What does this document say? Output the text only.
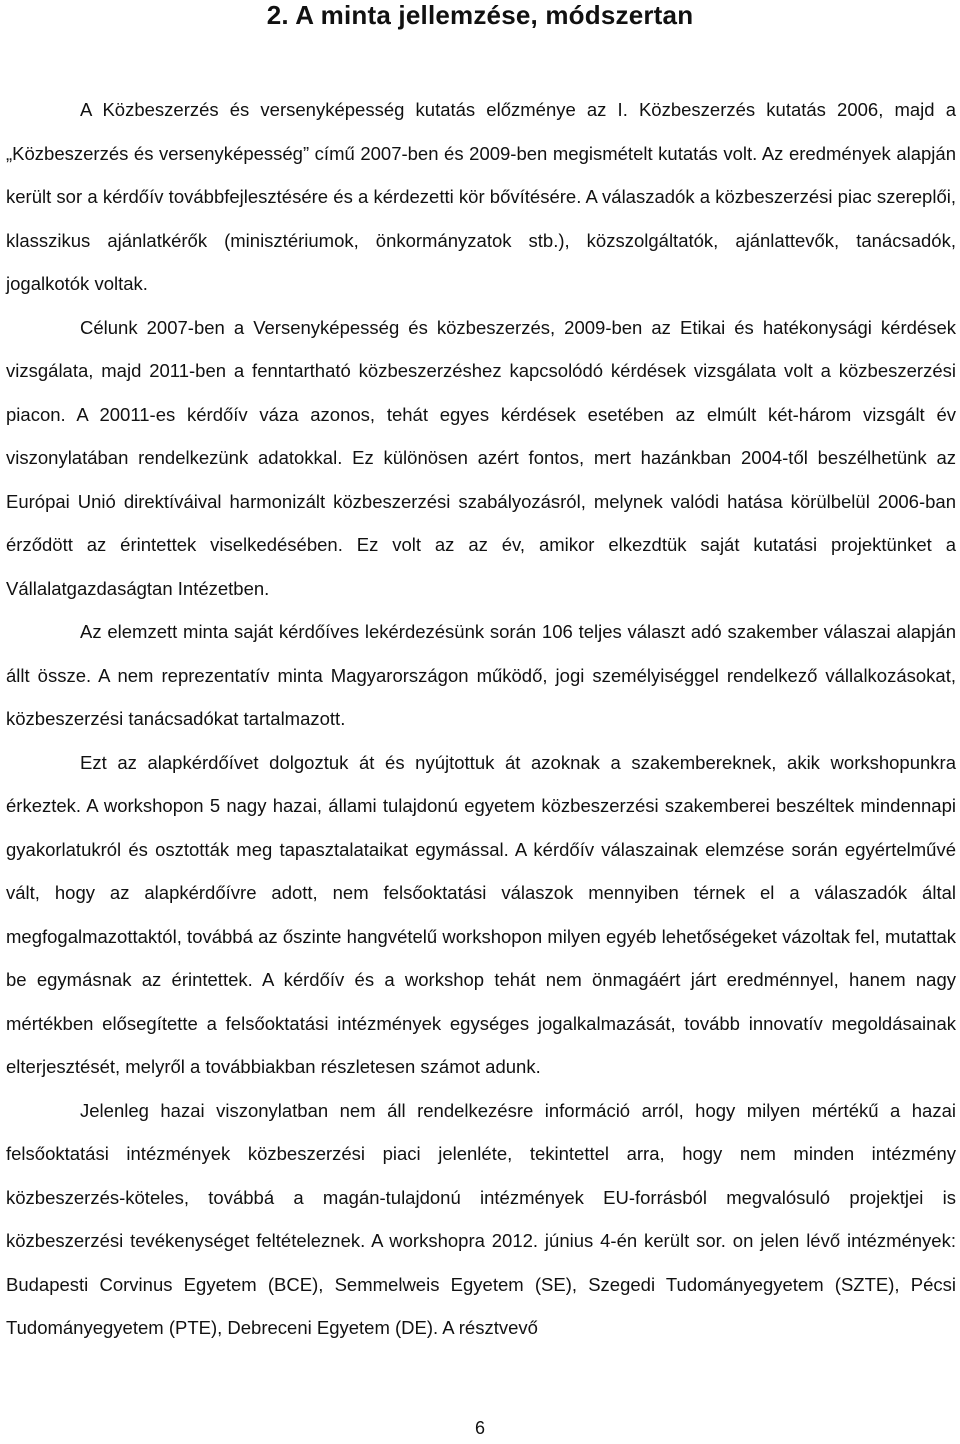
2. A minta jellemzése, módszertan

A Közbeszerzés és versenyképesség kutatás előzménye az I. Közbeszerzés kutatás 2006, majd a „Közbeszerzés és versenyképesség” című 2007-ben és 2009-ben megismételt kutatás volt. Az eredmények alapján került sor a kérdőív továbbfejlesztésére és a kérdezetti kör bővítésére. A válaszadók a közbeszerzési piac szereplői, klasszikus ajánlatkérők (minisztériumok, önkormányzatok stb.), közszolgáltatók, ajánlattevők, tanácsadók, jogalkotók voltak.

Célunk 2007-ben a Versenyképesség és közbeszerzés, 2009-ben az Etikai és hatékonysági kérdések vizsgálata, majd 2011-ben a fenntartható közbeszerzéshez kapcsolódó kérdések vizsgálata volt a közbeszerzési piacon. A 20011-es kérdőív váza azonos, tehát egyes kérdések esetében az elmúlt két-három vizsgált év viszonylatában rendelkezünk adatokkal. Ez különösen azért fontos, mert hazánkban 2004-től beszélhetünk az Európai Unió direktíváival harmonizált közbeszerzési szabályozásról, melynek valódi hatása körülbelül 2006-ban érződött az érintettek viselkedésében. Ez volt az az év, amikor elkezdtük saját kutatási projektünket a Vállalatgazdaságtan Intézetben.

Az elemzett minta saját kérdőíves lekérdezésünk során 106 teljes választ adó szakember válaszai alapján állt össze. A nem reprezentatív minta Magyarországon működő, jogi személyiséggel rendelkező vállalkozásokat, közbeszerzési tanácsadókat tartalmazott.

Ezt az alapkérdőívet dolgoztuk át és nyújtottuk át azoknak a szakembereknek, akik workshopunkra érkeztek. A workshopon 5 nagy hazai, állami tulajdonú egyetem közbeszerzési szakemberei beszéltek mindennapi gyakorlatukról és osztották meg tapasztalataikat egymással. A kérdőív válaszainak elemzése során egyértelművé vált, hogy az alapkérdőívre adott, nem felsőoktatási válaszok mennyiben térnek el a válaszadók által megfogalmazottaktól, továbbá az őszinte hangvételű workshopon milyen egyéb lehetőségeket vázoltak fel, mutattak be egymásnak az érintettek. A kérdőív és a workshop tehát nem önmagáért járt eredménnyel, hanem nagy mértékben elősegítette a felsőoktatási intézmények egységes jogalkalmazását, tovább innovatív megoldásainak elterjesztését, melyről a továbbiakban részletesen számot adunk.

Jelenleg hazai viszonylatban nem áll rendelkezésre információ arról, hogy milyen mértékű a hazai felsőoktatási intézmények közbeszerzési piaci jelenléte, tekintettel arra, hogy nem minden intézmény közbeszerzés-köteles, továbbá a magán-tulajdonú intézmények EU-forrásból megvalósuló projektjei is közbeszerzési tevékenységet feltételeznek. A workshopra 2012. június 4-én került sor. on jelen lévő intézmények: Budapesti Corvinus Egyetem (BCE), Semmelweis Egyetem (SE), Szegedi Tudományegyetem (SZTE), Pécsi Tudományegyetem (PTE), Debreceni Egyetem (DE). A résztvevő

6
